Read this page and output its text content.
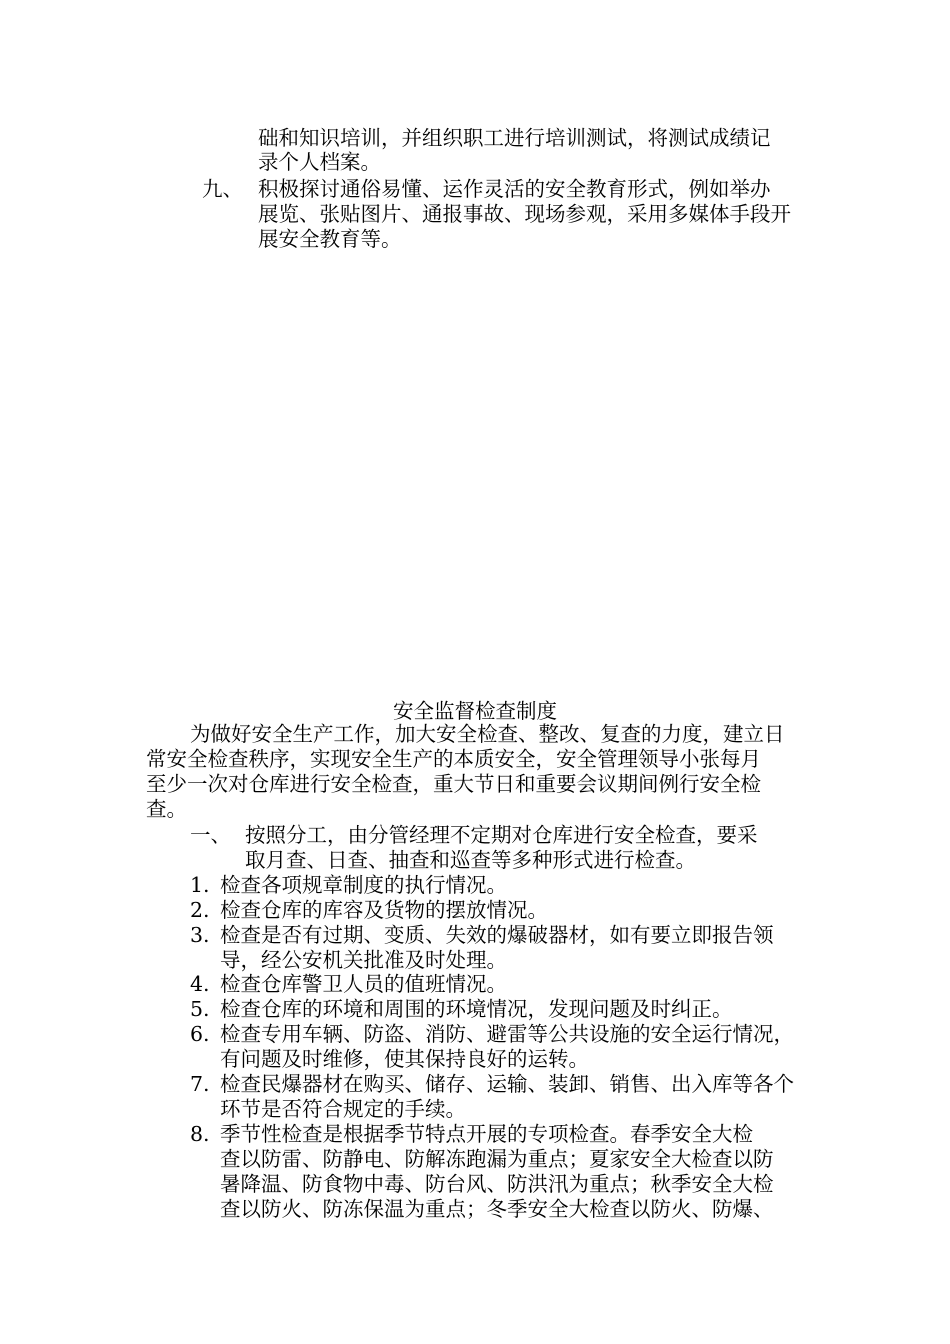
础和知识培训，并组织职工进行培训测试，将测试成绩记
录个人档案。
九、 积极探讨通俗易懂、运作灵活的安全教育形式，例如举办
展览、张贴图片、通报事故、现场参观，采用多媒体手段开
展安全教育等。
安全监督检查制度
为做好安全生产工作，加大安全检查、整改、复查的力度，建立日
常安全检查秩序，实现安全生产的本质安全，安全管理领导小张每月
至少一次对仓库进行安全检查，重大节日和重要会议期间例行安全检
查。
一、 按照分工，由分管经理不定期对仓库进行安全检查，要采
取月查、日查、抽查和巡查等多种形式进行检查。
1. 检查各项规章制度的执行情况。
2. 检查仓库的库容及货物的摆放情况。
3. 检查是否有过期、变质、失效的爆破器材，如有要立即报告领
导，经公安机关批准及时处理。
4. 检查仓库警卫人员的值班情况。
5. 检查仓库的环境和周围的环境情况，发现问题及时纠正。
6. 检查专用车辆、防盗、消防、避雷等公共设施的安全运行情况，
有问题及时维修，使其保持良好的运转。
7. 检查民爆器材在购买、储存、运输、装卸、销售、出入库等各个
环节是否符合规定的手续。
8. 季节性检查是根据季节特点开展的专项检查。春季安全大检
查以防雷、防静电、防解冻跑漏为重点；夏家安全大检查以防
暑降温、防食物中毒、防台风、防洪汛为重点；秋季安全大检
查以防火、防冻保温为重点；冬季安全大检查以防火、防爆、
